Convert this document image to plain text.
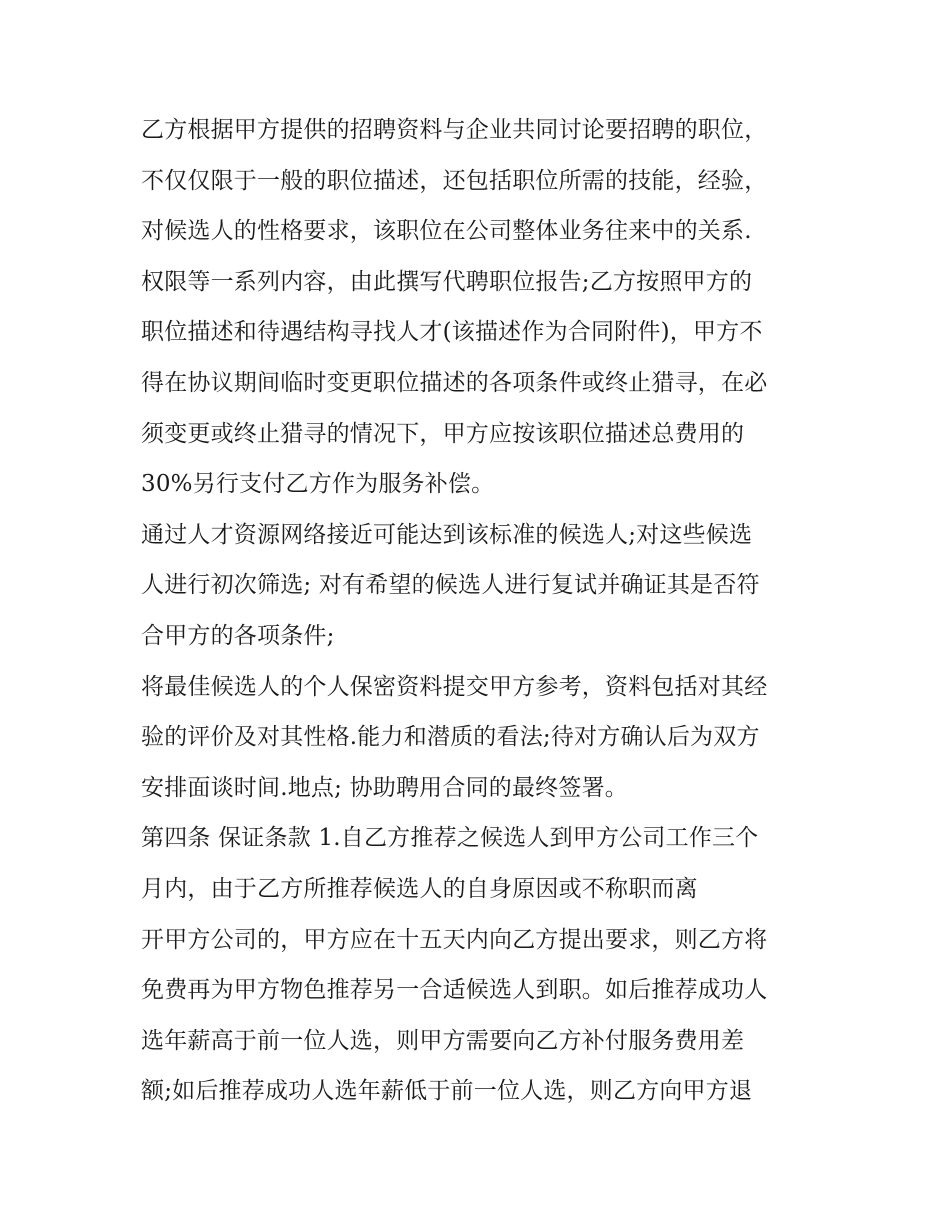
乙方根据甲方提供的招聘资料与企业共同讨论要招聘的职位，
不仅仅限于一般的职位描述，还包括职位所需的技能，经验，
对候选人的性格要求，该职位在公司整体业务往来中的关系.
权限等一系列内容，由此撰写代聘职位报告;乙方按照甲方的
职位描述和待遇结构寻找人才(该描述作为合同附件)，甲方不
得在协议期间临时变更职位描述的各项条件或终止猎寻，在必
须变更或终止猎寻的情况下，甲方应按该职位描述总费用的
30%另行支付乙方作为服务补偿。
通过人才资源网络接近可能达到该标准的候选人;对这些候选
人进行初次筛选; 对有希望的候选人进行复试并确证其是否符
合甲方的各项条件;
将最佳候选人的个人保密资料提交甲方参考，资料包括对其经
验的评价及对其性格.能力和潜质的看法;待对方确认后为双方
安排面谈时间.地点; 协助聘用合同的最终签署。
第四条 保证条款 1.自乙方推荐之候选人到甲方公司工作三个
月内，由于乙方所推荐候选人的自身原因或不称职而离
开甲方公司的，甲方应在十五天内向乙方提出要求，则乙方将
免费再为甲方物色推荐另一合适候选人到职。如后推荐成功人
选年薪高于前一位人选，则甲方需要向乙方补付服务费用差
额;如后推荐成功人选年薪低于前一位人选，则乙方向甲方退
